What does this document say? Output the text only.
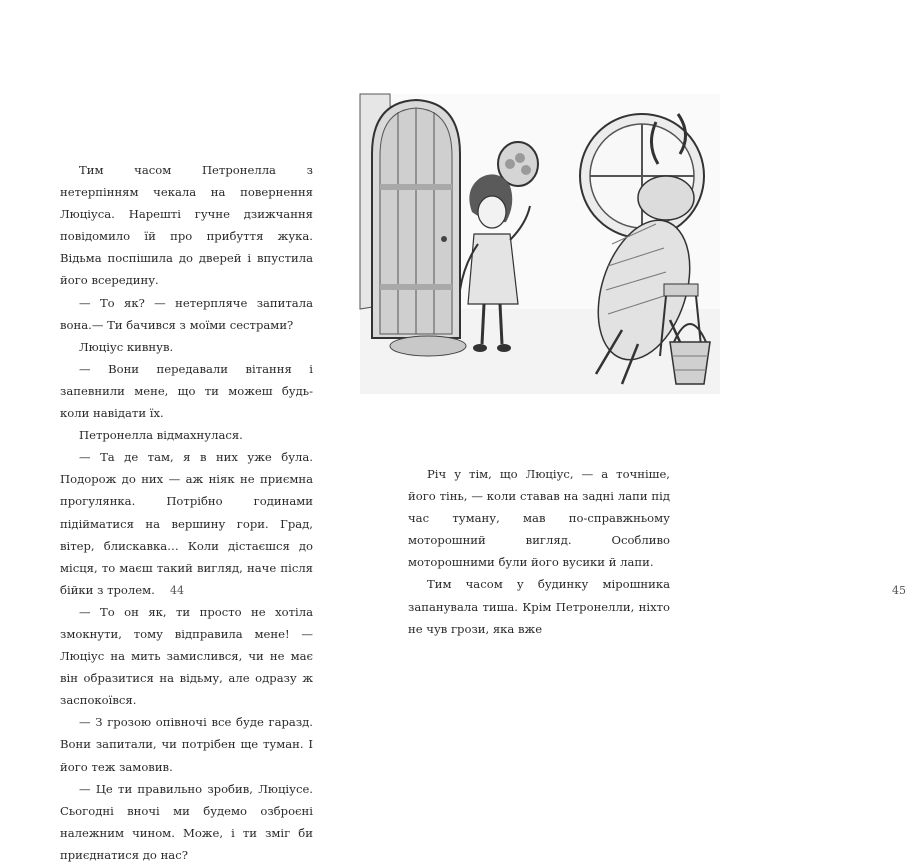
Тим часом Петронелла з нетерпінням чекала на повернення Люціуса. Нарешті гучне дзижчання повідомило їй про прибуття жука. Відьма поспішила до дверей і впустила його всередину.

— То як? — нетерпляче запитала вона.— Ти бачився з моїми сестрами?

Люціус кивнув.

— Вони передавали вітання і запевнили мене, що ти можеш будь-коли навідати їх.

Петронелла відмахнулася.

— Та де там, я в них уже була. Подорож до них — аж ніяк не приємна прогулянка. Потрібно годинами підійматися на вершину гори. Град, вітер, блискавка… Коли дістаєшся до місця, то маєш такий вигляд, наче після бійки з тролем.

— То он як, ти просто не хотіла змокнути, тому відправила мене! — Люціус на мить замислився, чи не має він образитися на відьму, але одразу ж заспокоївся.

— З грозою опівночі все буде гаразд. Вони запитали, чи потрібен ще туман. І його теж замовив.

— Це ти правильно зробив, Люціусе. Сьогодні вночі ми будемо озброєні належним чином. Може, і ти зміг би приєднатися до нас?

44	45

Річ у тім, що Люціус, — а точніше, його тінь, — коли ставав на задні лапи під час туману, мав по-справжньому моторошний вигляд. Особливо моторошними були його вусики й лапи.

Тим часом у будинку мірошника запанувала тиша. Крім Петронелли, ніхто не чув грози, яка вже
